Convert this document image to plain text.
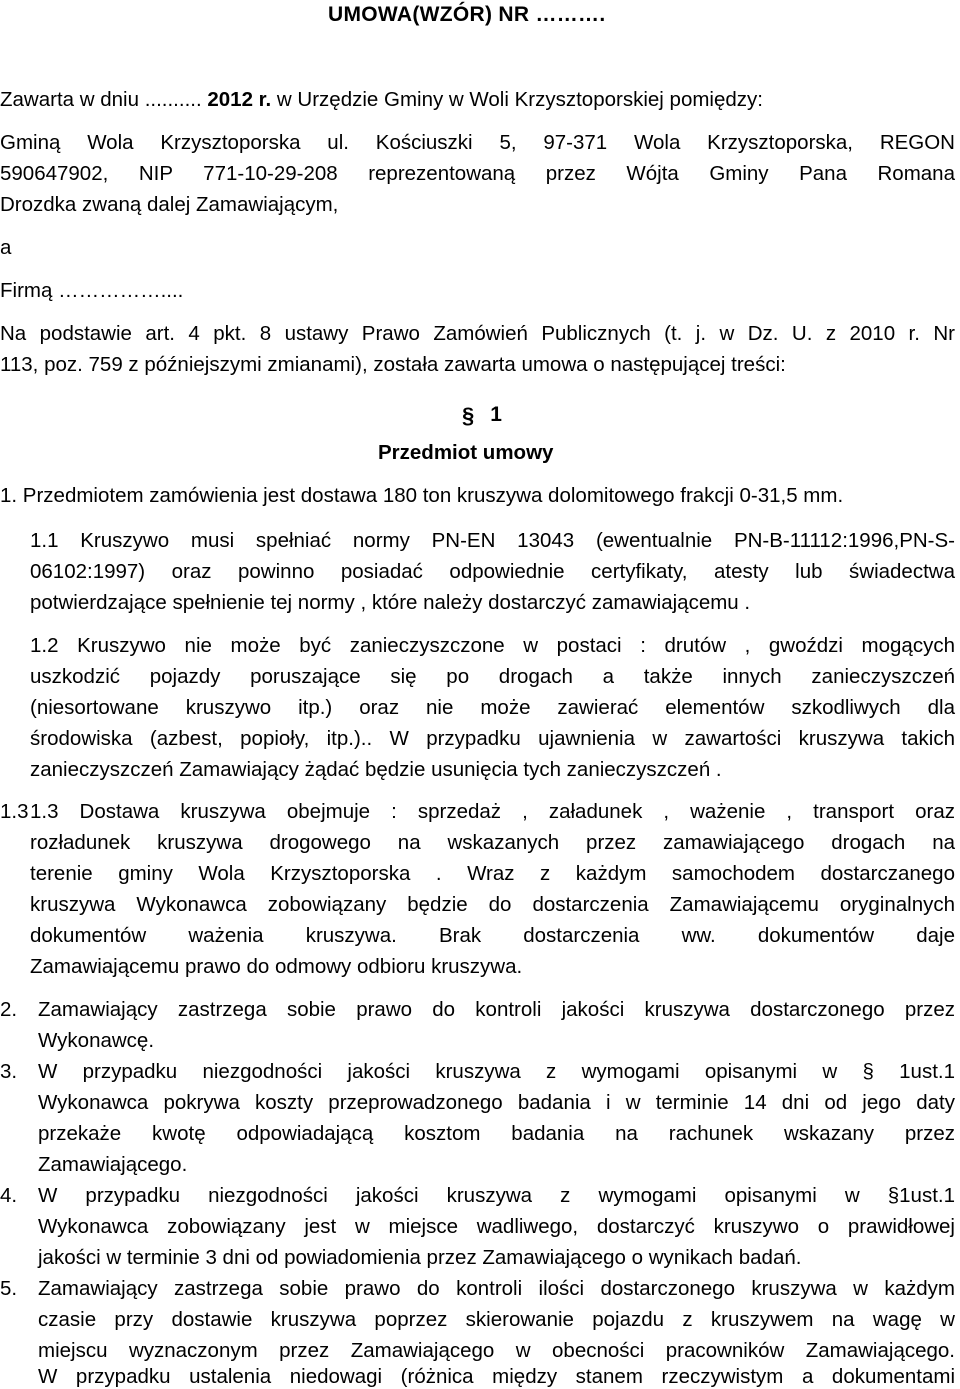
UMOWA(WZÓR) NR ……….
Zawarta w dniu .......... 2012 r. w Urzędzie Gminy w Woli Krzysztoporskiej pomiędzy:
Gminą Wola Krzysztoporska ul. Kościuszki 5, 97-371 Wola Krzysztoporska, REGON
590647902, NIP 771-10-29-208 reprezentowaną przez Wójta Gminy Pana Romana
Drozdka zwaną dalej Zamawiającym,
a
Firmą ……………....
Na podstawie art. 4 pkt. 8 ustawy Prawo Zamówień Publicznych (t. j. w Dz. U. z 2010 r. Nr
113, poz. 759 z późniejszymi zmianami), została zawarta umowa o następującej treści:
§ 1
Przedmiot umowy
1. Przedmiotem zamówienia jest dostawa 180 ton kruszywa dolomitowego frakcji 0-31,5 mm.
1.1 Kruszywo musi spełniać normy PN-EN 13043 (ewentualnie PN-B-11112:1996,PN-S-
06102:1997) oraz powinno posiadać odpowiednie certyfikaty, atesty lub świadectwa
potwierdzające spełnienie tej normy , które należy dostarczyć zamawiającemu .
1.2 Kruszywo nie może być zanieczyszczone w postaci : drutów , gwoździ mogących
uszkodzić pojazdy poruszające się po drogach a także innych zanieczyszczeń
(niesortowane kruszywo itp.) oraz nie może zawierać elementów szkodliwych dla
środowiska (azbest, popioły, itp.).. W przypadku ujawnienia w zawartości kruszywa takich
zanieczyszczeń Zamawiający żądać będzie usunięcia tych zanieczyszczeń .
1.3 1.3 Dostawa kruszywa obejmuje : sprzedaż , załadunek , ważenie , transport oraz
rozładunek kruszywa drogowego na wskazanych przez zamawiającego drogach na
terenie gminy Wola Krzysztoporska . Wraz z każdym samochodem dostarczanego
kruszywa Wykonawca zobowiązany będzie do dostarczenia Zamawiającemu oryginalnych
dokumentów ważenia kruszywa. Brak dostarczenia ww. dokumentów daje
Zamawiającemu prawo do odmowy odbioru kruszywa.
2. Zamawiający zastrzega sobie prawo do kontroli jakości kruszywa dostarczonego przez
Wykonawcę.
3. W przypadku niezgodności jakości kruszywa z wymogami opisanymi w § 1ust.1
Wykonawca pokrywa koszty przeprowadzonego badania i w terminie 14 dni od jego daty
przekaże kwotę odpowiadającą kosztom badania na rachunek wskazany przez
Zamawiającego.
4. W przypadku niezgodności jakości kruszywa z wymogami opisanymi w §1ust.1
Wykonawca zobowiązany jest w miejsce wadliwego, dostarczyć kruszywo o prawidłowej
jakości w terminie 3 dni od powiadomienia przez Zamawiającego o wynikach badań.
5. Zamawiający zastrzega sobie prawo do kontroli ilości dostarczonego kruszywa w każdym
czasie przy dostawie kruszywa poprzez skierowanie pojazdu z kruszywem na wagę w
miejscu wyznaczonym przez Zamawiającego w obecności pracowników Zamawiającego.
W przypadku ustalenia niedowagi (różnica między stanem rzeczywistym a dokumentami
